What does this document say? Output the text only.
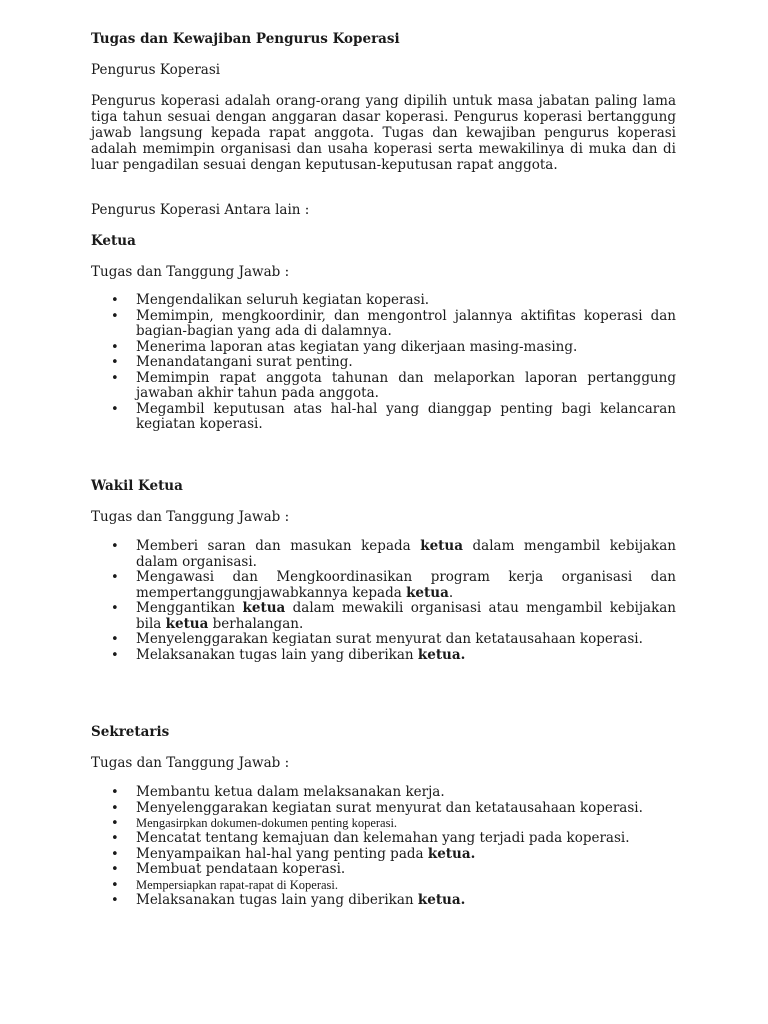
Tugas dan Kewajiban Pengurus Koperasi
Pengurus Koperasi
Pengurus koperasi adalah orang-orang yang dipilih untuk masa jabatan paling lama tiga tahun sesuai dengan anggaran dasar koperasi. Pengurus koperasi bertanggung jawab langsung kepada rapat anggota. Tugas dan kewajiban pengurus koperasi adalah memimpin organisasi dan usaha koperasi serta mewakilinya di muka dan di luar pengadilan sesuai dengan keputusan-keputusan rapat anggota.
Pengurus Koperasi Antara lain :
Ketua
Tugas dan Tanggung Jawab :
• Mengendalikan seluruh kegiatan koperasi.
• Memimpin, mengkoordinir, dan mengontrol jalannya aktifitas koperasi dan bagian-bagian yang ada di dalamnya.
• Menerima laporan atas kegiatan yang dikerjaan masing-masing.
• Menandatangani surat penting.
• Memimpin rapat anggota tahunan dan melaporkan laporan pertanggung jawaban akhir tahun pada anggota.
• Megambil keputusan atas hal-hal yang dianggap penting bagi kelancaran kegiatan koperasi.
Wakil Ketua
Tugas dan Tanggung Jawab :
• Memberi saran dan masukan kepada ketua dalam mengambil kebijakan dalam organisasi.
• Mengawasi dan Mengkoordinasikan program kerja organisasi dan mempertanggungjawabkannya kepada ketua.
• Menggantikan ketua dalam mewakili organisasi atau mengambil kebijakan bila ketua berhalangan.
• Menyelenggarakan kegiatan surat menyurat dan ketatausahaan koperasi.
• Melaksanakan tugas lain yang diberikan ketua.
Sekretaris
Tugas dan Tanggung Jawab :
• Membantu ketua dalam melaksanakan kerja.
• Menyelenggarakan kegiatan surat menyurat dan ketatausahaan koperasi.
• Mengasirpkan dokumen-dokumen penting koperasi.
• Mencatat tentang kemajuan dan kelemahan yang terjadi pada koperasi.
• Menyampaikan hal-hal yang penting pada ketua.
• Membuat pendataan koperasi.
• Mempersiapkan rapat-rapat di Koperasi.
• Melaksanakan tugas lain yang diberikan ketua.
